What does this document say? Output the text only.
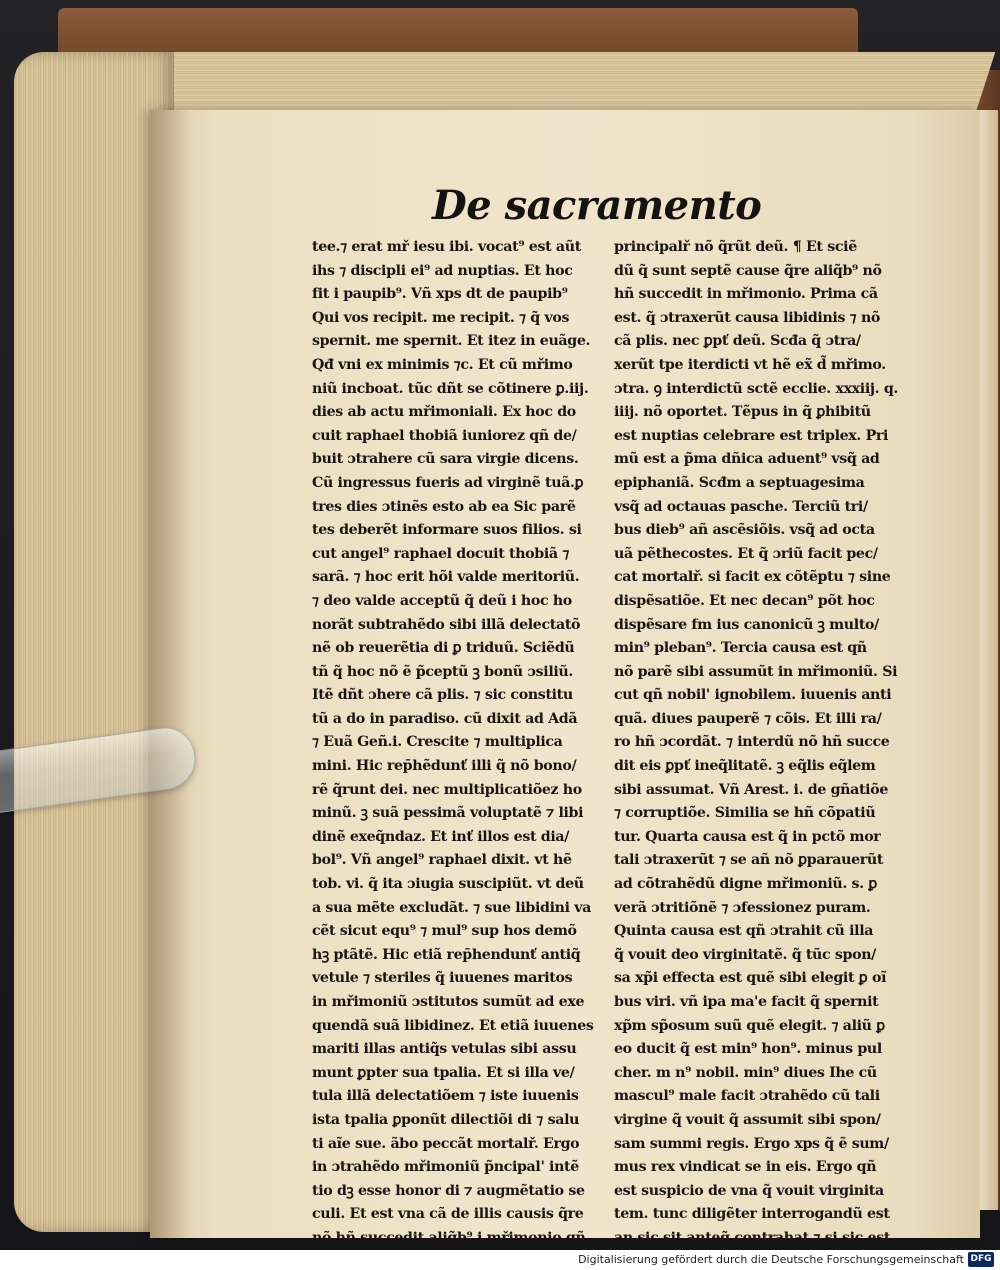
De sacramento
tee.⁊ erat mř iesu ibi. vocat⁹ est aũt
ihs ⁊ discipli ei⁹ ad nuptias. Et hoc
fit i paupib⁹. Vñ xps dt de paupib⁹
Qui vos recipit. me recipit. ⁊ q̃ vos
spernit. me spernit. Et itez in euãge.
Qđ vni ex minimis ⁊c. Et cũ mřimo
niũ incboat. tũc dñt se cõtinere ꝑ.iij.
dies ab actu mřimoniali. Ex hoc do
cuit raphael thobiã iuniorez qñ de/
buit ɔtrahere cũ sara virgie dicens.
Cũ ingressus fueris ad virginẽ tuã.ꝑ
tres dies ɔtinẽs esto ab ea Sic parẽ
tes deberẽt informare suos filios. si
cut angel⁹ raphael docuit thobiã ⁊
sarã. ⁊ hoc erit hõi valde meritoriũ.
⁊ deo valde acceptũ q̃ deũ i hoc ho
norãt subtrahẽdo sibi illã delectatõ
nẽ ob reuerẽtia di ꝑ triduũ. Sciẽdũ
tñ q̃ hoc nõ ẽ p̃ceptũ ꝫ bonũ ɔsiliũ.
Itẽ dñt ɔhere cã plis. ⁊ sic constitu
tũ a do in paradiso. cũ dixit ad Adã
⁊ Euã Geñ.i. Crescite ⁊ multiplica
mini. Hic rep̄hẽdunť illi q̃ nõ bono/
rẽ q̃runt dei. nec multiplicatiõez ho
minũ. ꝫ suã pessimã voluptatẽ ⁊ libi
dinẽ exeq̃ndaz. Et inť illos est dia/
bol⁹. Vñ angel⁹ raphael dixit. vt hẽ
tob. vi. q̃ ita ɔiugia suscipiũt. vt deũ
a sua mẽte excludãt. ⁊ sue libidini va
cẽt sicut equ⁹ ⁊ mul⁹ sup hos demõ
hꝫ ptãtẽ. Hic etiã rep̄hendunť antiq̃
vetule ⁊ steriles q̃ iuuenes maritos
in mřimoniũ ɔstitutos sumũt ad exe
quendã suã libidinez. Et etiã iuuenes
mariti illas antiq̃s vetulas sibi assu
munt ꝑpter sua tpalia. Et si illa ve/
tula illã delectatiõem ⁊ iste iuuenis
ista tpalia ꝑponũt dilectiõi di ⁊ salu
ti aĩe sue. ãbo peccãt mortalř. Ergo
in ɔtrahẽdo mřimoniũ p̃ncipal' intẽ
tio dꝫ esse honor di ⁊ augmẽtatio se
culi. Et est vna cã de illis causis q̃re
nõ hñ succedit aliq̃b⁹ i mřimonio qñ
principalř nõ q̃rũt deũ. ¶ Et sciẽ
dũ q̃ sunt septẽ cause q̃re aliq̃b⁹ nõ
hñ succedit in mřimonio. Prima cã
est. q̃ ɔtraxerũt causa libidinis ⁊ nõ
cã plis. nec ꝑpť deũ. Scđa q̃ ɔtra/
xerũt tpe iterdicti vt hẽ ex̃ d̃ mřimo.
ɔtra. ꝯ interdictũ sctẽ ecclie. xxxiij. q.
iiij. nõ oportet. Tẽpus in q̃ ꝑhibitũ
est nuptias celebrare est triplex. Pri
mũ est a p̃ma dñica aduent⁹ vsq̃ ad
epiphaniã. Scđm a septuagesima
vsq̃ ad octauas pasche. Terciũ tri/
bus dieb⁹ añ ascẽsiõis. vsq̃ ad octa
uã pẽthecostes. Et q̃ ɔriũ facit pec/
cat mortalř. si facit ex cõtẽptu ⁊ sine
dispẽsatiõe. Et nec decan⁹ põt hoc
dispẽsare fm ius canonicũ ꝫ multo/
min⁹ pleban⁹. Tercia causa est qñ
nõ parẽ sibi assumũt in mřimoniũ. Si
cut qñ nobil' ignobilem. iuuenis anti
quã. diues pauperẽ ⁊ cõis. Et illi ra/
ro hñ ɔcordãt. ⁊ interdũ nõ hñ succe
dit eis ꝑpť ineq̃litatẽ. ꝫ eq̃lis eq̃lem
sibi assumat. Vñ Arest. i. de gñatiõe
⁊ corruptiõe. Similia se hñ cõpatiũ
tur. Quarta causa est q̃ in pctõ mor
tali ɔtraxerũt ⁊ se añ nõ ꝑparauerũt
ad cõtrahẽdũ digne mřimoniũ. s. ꝑ
verã ɔtritiõnẽ ⁊ ɔfessionez puram.
Quinta causa est qñ ɔtrahit cũ illa
q̃ vouit deo virginitatẽ. q̃ tũc spon/
sa xp̃i effecta est quẽ sibi elegit ꝑ oĩ
bus viri. vñ ipa ma'e facit q̃ spernit
xp̃m sp̃osum suũ quẽ elegit. ⁊ aliũ ꝑ
eo ducit q̃ est min⁹ hon⁹. minus pul
cher. m n⁹ nobil. min⁹ diues Ihe cũ
mascul⁹ male facit ɔtrahẽdo cũ tali
virgine q̃ vouit q̃ assumit sibi spon/
sam summi regis. Ergo xps q̃ ẽ sum/
mus rex vindicat se in eis. Ergo qñ
est suspicio de vna q̃ vouit virginita
tem. tunc diligẽter interrogandũ est
an sic sit anteq̃ contrahat ⁊ si sic est
Digitalisierung gefördert durch die Deutsche Forschungsgemeinschaft DFG
